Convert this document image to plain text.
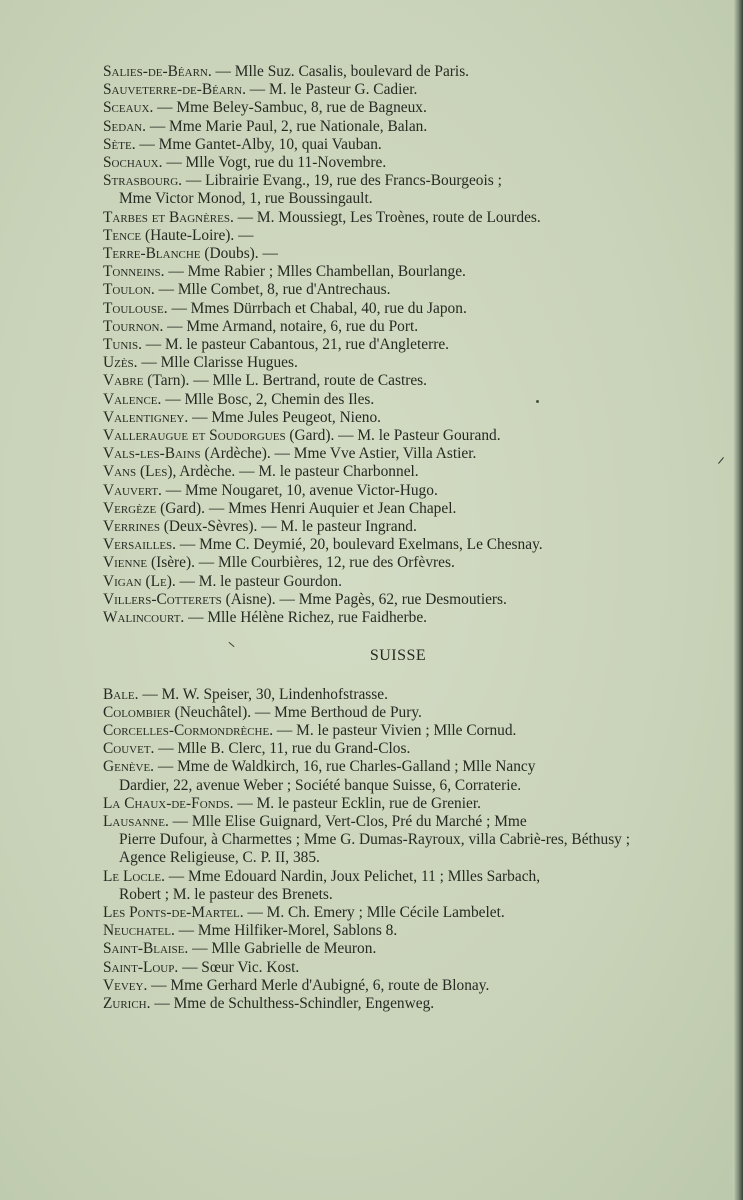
Salies-de-Béarn. — Mlle Suz. Casalis, boulevard de Paris.
Sauveterre-de-Béarn. — M. le Pasteur G. Cadier.
Sceaux. — Mme Beley-Sambuc, 8, rue de Bagneux.
Sedan. — Mme Marie Paul, 2, rue Nationale, Balan.
Sète. — Mme Gantet-Alby, 10, quai Vauban.
Sochaux. — Mlle Vogt, rue du 11-Novembre.
Strasbourg. — Librairie Evang., 19, rue des Francs-Bourgeois ;
Mme Victor Monod, 1, rue Boussingault.
Tarbes et Bagnères. — M. Moussiegt, Les Troènes, route de Lourdes.
Tence (Haute-Loire). —
Terre-Blanche (Doubs). —
Tonneins. — Mme Rabier ; Mlles Chambellan, Bourlange.
Toulon. — Mlle Combet, 8, rue d'Antrechaus.
Toulouse. — Mmes Dürrbach et Chabal, 40, rue du Japon.
Tournon. — Mme Armand, notaire, 6, rue du Port.
Tunis. — M. le pasteur Cabantous, 21, rue d'Angleterre.
Uzès. — Mlle Clarisse Hugues.
Vabre (Tarn). — Mlle L. Bertrand, route de Castres.
Valence. — Mlle Bosc, 2, Chemin des Iles.
Valentigney. — Mme Jules Peugeot, Nieno.
Valleraugue et Soudorgues (Gard). — M. le Pasteur Gourand.
Vals-les-Bains (Ardèche). — Mme Vve Astier, Villa Astier.
Vans (Les), Ardèche. — M. le pasteur Charbonnel.
Vauvert. — Mme Nougaret, 10, avenue Victor-Hugo.
Vergèze (Gard). — Mmes Henri Auquier et Jean Chapel.
Verrines (Deux-Sèvres). — M. le pasteur Ingrand.
Versailles. — Mme C. Deymié, 20, boulevard Exelmans, Le Chesnay.
Vienne (Isère). — Mlle Courbières, 12, rue des Orfèvres.
Vigan (Le). — M. le pasteur Gourdon.
Villers-Cotterets (Aisne). — Mme Pagès, 62, rue Desmoutiers.
Walincourt. — Mlle Hélène Richez, rue Faidherbe.
SUISSE
Bale. — M. W. Speiser, 30, Lindenhofstrasse.
Colombier (Neuchâtel). — Mme Berthoud de Pury.
Corcelles-Cormondrèche. — M. le pasteur Vivien ; Mlle Cornud.
Couvet. — Mlle B. Clerc, 11, rue du Grand-Clos.
Genève. — Mme de Waldkirch, 16, rue Charles-Galland ; Mlle Nancy
Dardier, 22, avenue Weber ; Société banque Suisse, 6, Corraterie.
La Chaux-de-Fonds. — M. le pasteur Ecklin, rue de Grenier.
Lausanne. — Mlle Elise Guignard, Vert-Clos, Pré du Marché ; Mme
Pierre Dufour, à Charmettes ; Mme G. Dumas-Rayroux, villa Cabriè-res, Béthusy ; Agence Religieuse, C. P. II, 385.
Le Locle. — Mme Edouard Nardin, Joux Pelichet, 11 ; Mlles Sarbach,
Robert ; M. le pasteur des Brenets.
Les Ponts-de-Martel. — M. Ch. Emery ; Mlle Cécile Lambelet.
Neuchatel. — Mme Hilfiker-Morel, Sablons 8.
Saint-Blaise. — Mlle Gabrielle de Meuron.
Saint-Loup. — Sœur Vic. Kost.
Vevey. — Mme Gerhard Merle d'Aubigné, 6, route de Blonay.
Zurich. — Mme de Schulthess-Schindler, Engenweg.
